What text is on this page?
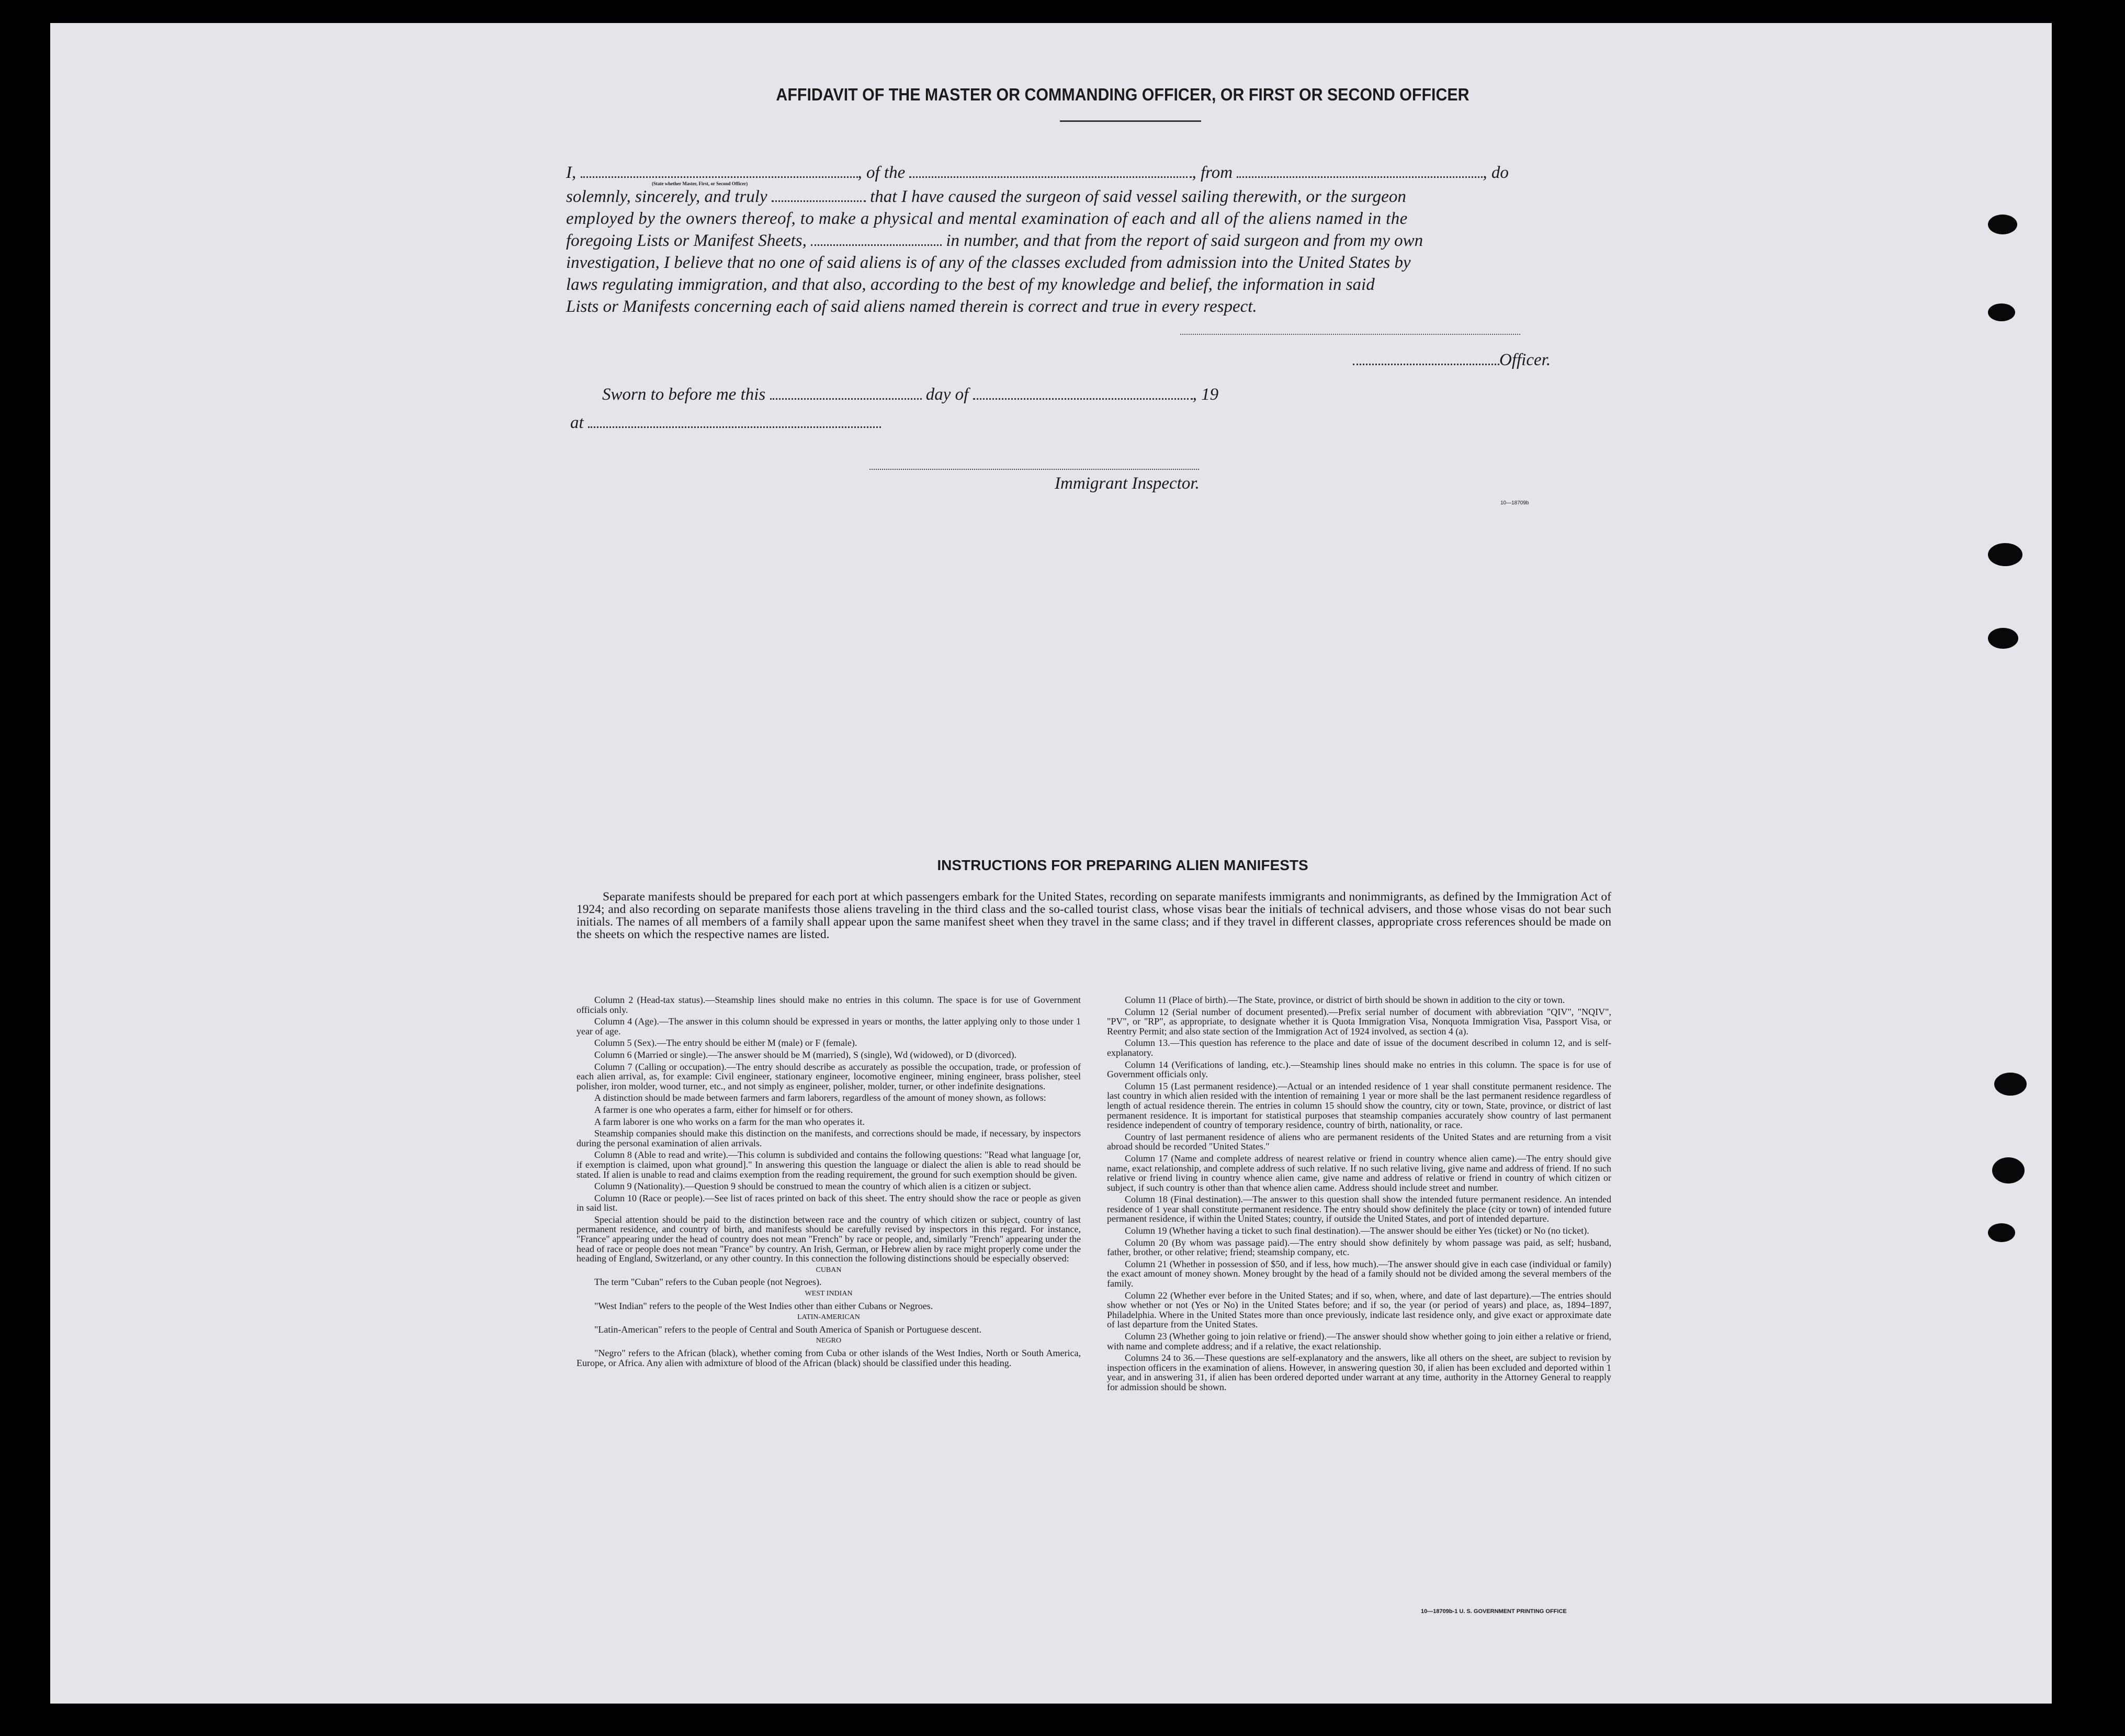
AFFIDAVIT OF THE MASTER OR COMMANDING OFFICER, OR FIRST OR SECOND OFFICER
I,	, of the	, from	, do
(State whether Master, First, or Second Officer)
solemnly, sincerely, and truly	that I have caused the surgeon of said vessel sailing therewith, or the surgeon
employed by the owners thereof, to make a physical and mental examination of each and all of the aliens named in the
foregoing Lists or Manifest Sheets,	in number, and that from the report of said surgeon and from my own
investigation, I believe that no one of said aliens is of any of the classes excluded from admission into the United States by
laws regulating immigration, and that also, according to the best of my knowledge and belief, the information in said
Lists or Manifests concerning each of said aliens named therein is correct and true in every respect.
Officer.
Sworn to before me this	day of	, 19
at
Immigrant Inspector.
10—18709b
INSTRUCTIONS FOR PREPARING ALIEN MANIFESTS
Separate manifests should be prepared for each port at which passengers embark for the United States, recording on separate manifests immigrants and nonimmigrants, as defined by the Immigration Act of 1924; and also recording on separate manifests those aliens traveling in the third class and the so-called tourist class, whose visas bear the initials of technical advisers, and those whose visas do not bear such initials. The names of all members of a family shall appear upon the same manifest sheet when they travel in the same class; and if they travel in different classes, appropriate cross references should be made on the sheets on which the respective names are listed.

Column 2 (Head-tax status).—Steamship lines should make no entries in this column. The space is for use of Government officials only.

Column 4 (Age).—The answer in this column should be expressed in years or months, the latter applying only to those under 1 year of age.

Column 5 (Sex).—The entry should be either M (male) or F (female).

Column 6 (Married or single).—The answer should be M (married), S (single), Wd (widowed), or D (divorced).

Column 7 (Calling or occupation).—The entry should describe as accurately as possible the occupation, trade, or profession of each alien arrival, as, for example: Civil engineer, stationary engineer, locomotive engineer, mining engineer, brass polisher, steel polisher, iron molder, wood turner, etc., and not simply as engineer, polisher, molder, turner, or other indefinite designations.

A distinction should be made between farmers and farm laborers, regardless of the amount of money shown, as follows:

A farmer is one who operates a farm, either for himself or for others.

A farm laborer is one who works on a farm for the man who operates it.

Steamship companies should make this distinction on the manifests, and corrections should be made, if necessary, by inspectors during the personal examination of alien arrivals.

Column 8 (Able to read and write).—This column is subdivided and contains the following questions: "Read what language [or, if exemption is claimed, upon what ground]." In answering this question the language or dialect the alien is able to read should be stated. If alien is unable to read and claims exemption from the reading requirement, the ground for such exemption should be given.

Column 9 (Nationality).—Question 9 should be construed to mean the country of which alien is a citizen or subject.

Column 10 (Race or people).—See list of races printed on back of this sheet. The entry should show the race or people as given in said list.

Special attention should be paid to the distinction between race and the country of which citizen or subject, country of last permanent residence, and country of birth, and manifests should be carefully revised by inspectors in this regard. For instance, "France" appearing under the head of country does not mean "French" by race or people, and, similarly "French" appearing under the head of race or people does not mean "France" by country. An Irish, German, or Hebrew alien by race might properly come under the heading of England, Switzerland, or any other country. In this connection the following distinctions should be especially observed:

CUBAN

The term "Cuban" refers to the Cuban people (not Negroes).

WEST INDIAN

"West Indian" refers to the people of the West Indies other than either Cubans or Negroes.

LATIN-AMERICAN

"Latin-American" refers to the people of Central and South America of Spanish or Portuguese descent.

NEGRO

"Negro" refers to the African (black), whether coming from Cuba or other islands of the West Indies, North or South America, Europe, or Africa. Any alien with admixture of blood of the African (black) should be classified under this heading.

Column 11 (Place of birth).—The State, province, or district of birth should be shown in addition to the city or town.

Column 12 (Serial number of document presented).—Prefix serial number of document with abbreviation "QIV", "NQIV", "PV", or "RP", as appropriate, to designate whether it is Quota Immigration Visa, Nonquota Immigration Visa, Passport Visa, or Reentry Permit; and also state section of the Immigration Act of 1924 involved, as section 4 (a).

Column 13.—This question has reference to the place and date of issue of the document described in column 12, and is self-explanatory.

Column 14 (Verifications of landing, etc.).—Steamship lines should make no entries in this column. The space is for use of Government officials only.

Column 15 (Last permanent residence).—Actual or an intended residence of 1 year shall constitute permanent residence. The last country in which alien resided with the intention of remaining 1 year or more shall be the last permanent residence regardless of length of actual residence therein. The entries in column 15 should show the country, city or town, State, province, or district of last permanent residence. It is important for statistical purposes that steamship companies accurately show country of last permanent residence independent of country of temporary residence, country of birth, nationality, or race.

Country of last permanent residence of aliens who are permanent residents of the United States and are returning from a visit abroad should be recorded "United States."

Column 17 (Name and complete address of nearest relative or friend in country whence alien came).—The entry should give name, exact relationship, and complete address of such relative. If no such relative living, give name and address of friend. If no such relative or friend living in country whence alien came, give name and address of relative or friend in country of which citizen or subject, if such country is other than that whence alien came. Address should include street and number.

Column 18 (Final destination).—The answer to this question shall show the intended future permanent residence. An intended residence of 1 year shall constitute permanent residence. The entry should show definitely the place (city or town) of intended future permanent residence, if within the United States; country, if outside the United States, and port of intended departure.

Column 19 (Whether having a ticket to such final destination).—The answer should be either Yes (ticket) or No (no ticket).

Column 20 (By whom was passage paid).—The entry should show definitely by whom passage was paid, as self; husband, father, brother, or other relative; friend; steamship company, etc.

Column 21 (Whether in possession of $50, and if less, how much).—The answer should give in each case (individual or family) the exact amount of money shown. Money brought by the head of a family should not be divided among the several members of the family.

Column 22 (Whether ever before in the United States; and if so, when, where, and date of last departure).—The entries should show whether or not (Yes or No) in the United States before; and if so, the year (or period of years) and place, as, 1894–1897, Philadelphia. Where in the United States more than once previously, indicate last residence only, and give exact or approximate date of last departure from the United States.

Column 23 (Whether going to join relative or friend).—The answer should show whether going to join either a relative or friend, with name and complete address; and if a relative, the exact relationship.

Columns 24 to 36.—These questions are self-explanatory and the answers, like all others on the sheet, are subject to revision by inspection officers in the examination of aliens. However, in answering question 30, if alien has been excluded and deported within 1 year, and in answering 31, if alien has been ordered deported under warrant at any time, authority in the Attorney General to reapply for admission should be shown.

10—18709b-1 U. S. GOVERNMENT PRINTING OFFICE
